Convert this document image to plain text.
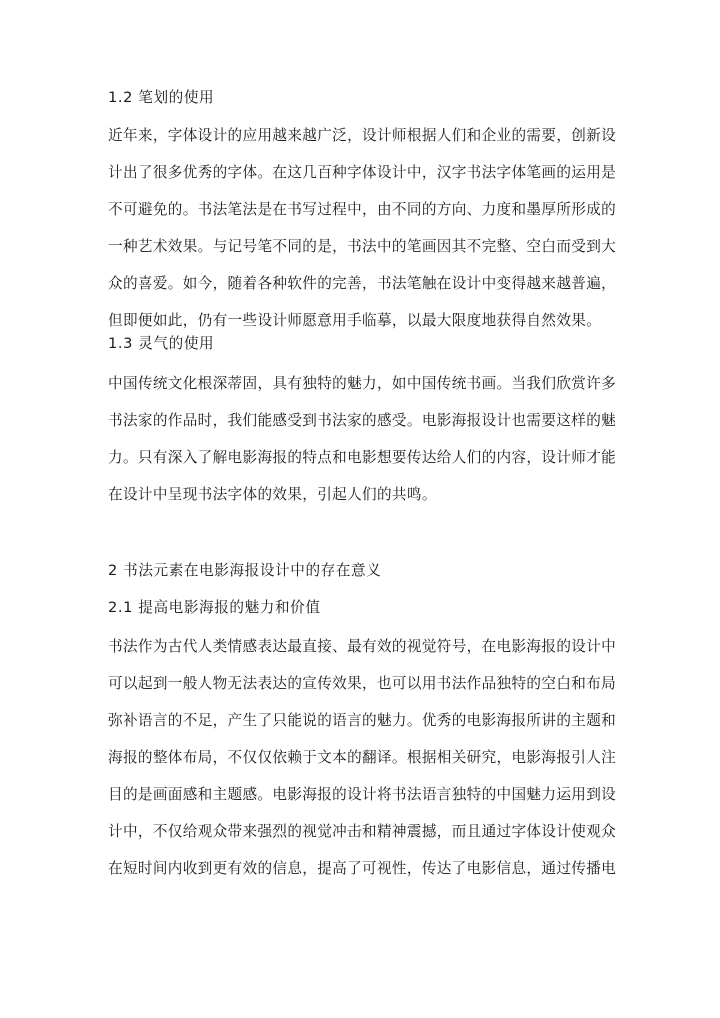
1.2 笔划的使用
近年来，字体设计的应用越来越广泛，设计师根据人们和企业的需要，创新设
计出了很多优秀的字体。在这几百种字体设计中，汉字书法字体笔画的运用是
不可避免的。书法笔法是在书写过程中，由不同的方向、力度和墨厚所形成的
一种艺术效果。与记号笔不同的是，书法中的笔画因其不完整、空白而受到大
众的喜爱。如今，随着各种软件的完善，书法笔触在设计中变得越来越普遍，
但即便如此，仍有一些设计师愿意用手临摹，以最大限度地获得自然效果。
1.3 灵气的使用
中国传统文化根深蒂固，具有独特的魅力，如中国传统书画。当我们欣赏许多
书法家的作品时，我们能感受到书法家的感受。电影海报设计也需要这样的魅
力。只有深入了解电影海报的特点和电影想要传达给人们的内容，设计师才能
在设计中呈现书法字体的效果，引起人们的共鸣。
2 书法元素在电影海报设计中的存在意义
2.1 提高电影海报的魅力和价值
书法作为古代人类情感表达最直接、最有效的视觉符号，在电影海报的设计中
可以起到一般人物无法表达的宣传效果，也可以用书法作品独特的空白和布局
弥补语言的不足，产生了只能说的语言的魅力。优秀的电影海报所讲的主题和
海报的整体布局，不仅仅依赖于文本的翻译。根据相关研究，电影海报引人注
目的是画面感和主题感。电影海报的设计将书法语言独特的中国魅力运用到设
计中，不仅给观众带来强烈的视觉冲击和精神震撼，而且通过字体设计使观众
在短时间内收到更有效的信息，提高了可视性，传达了电影信息，通过传播电
